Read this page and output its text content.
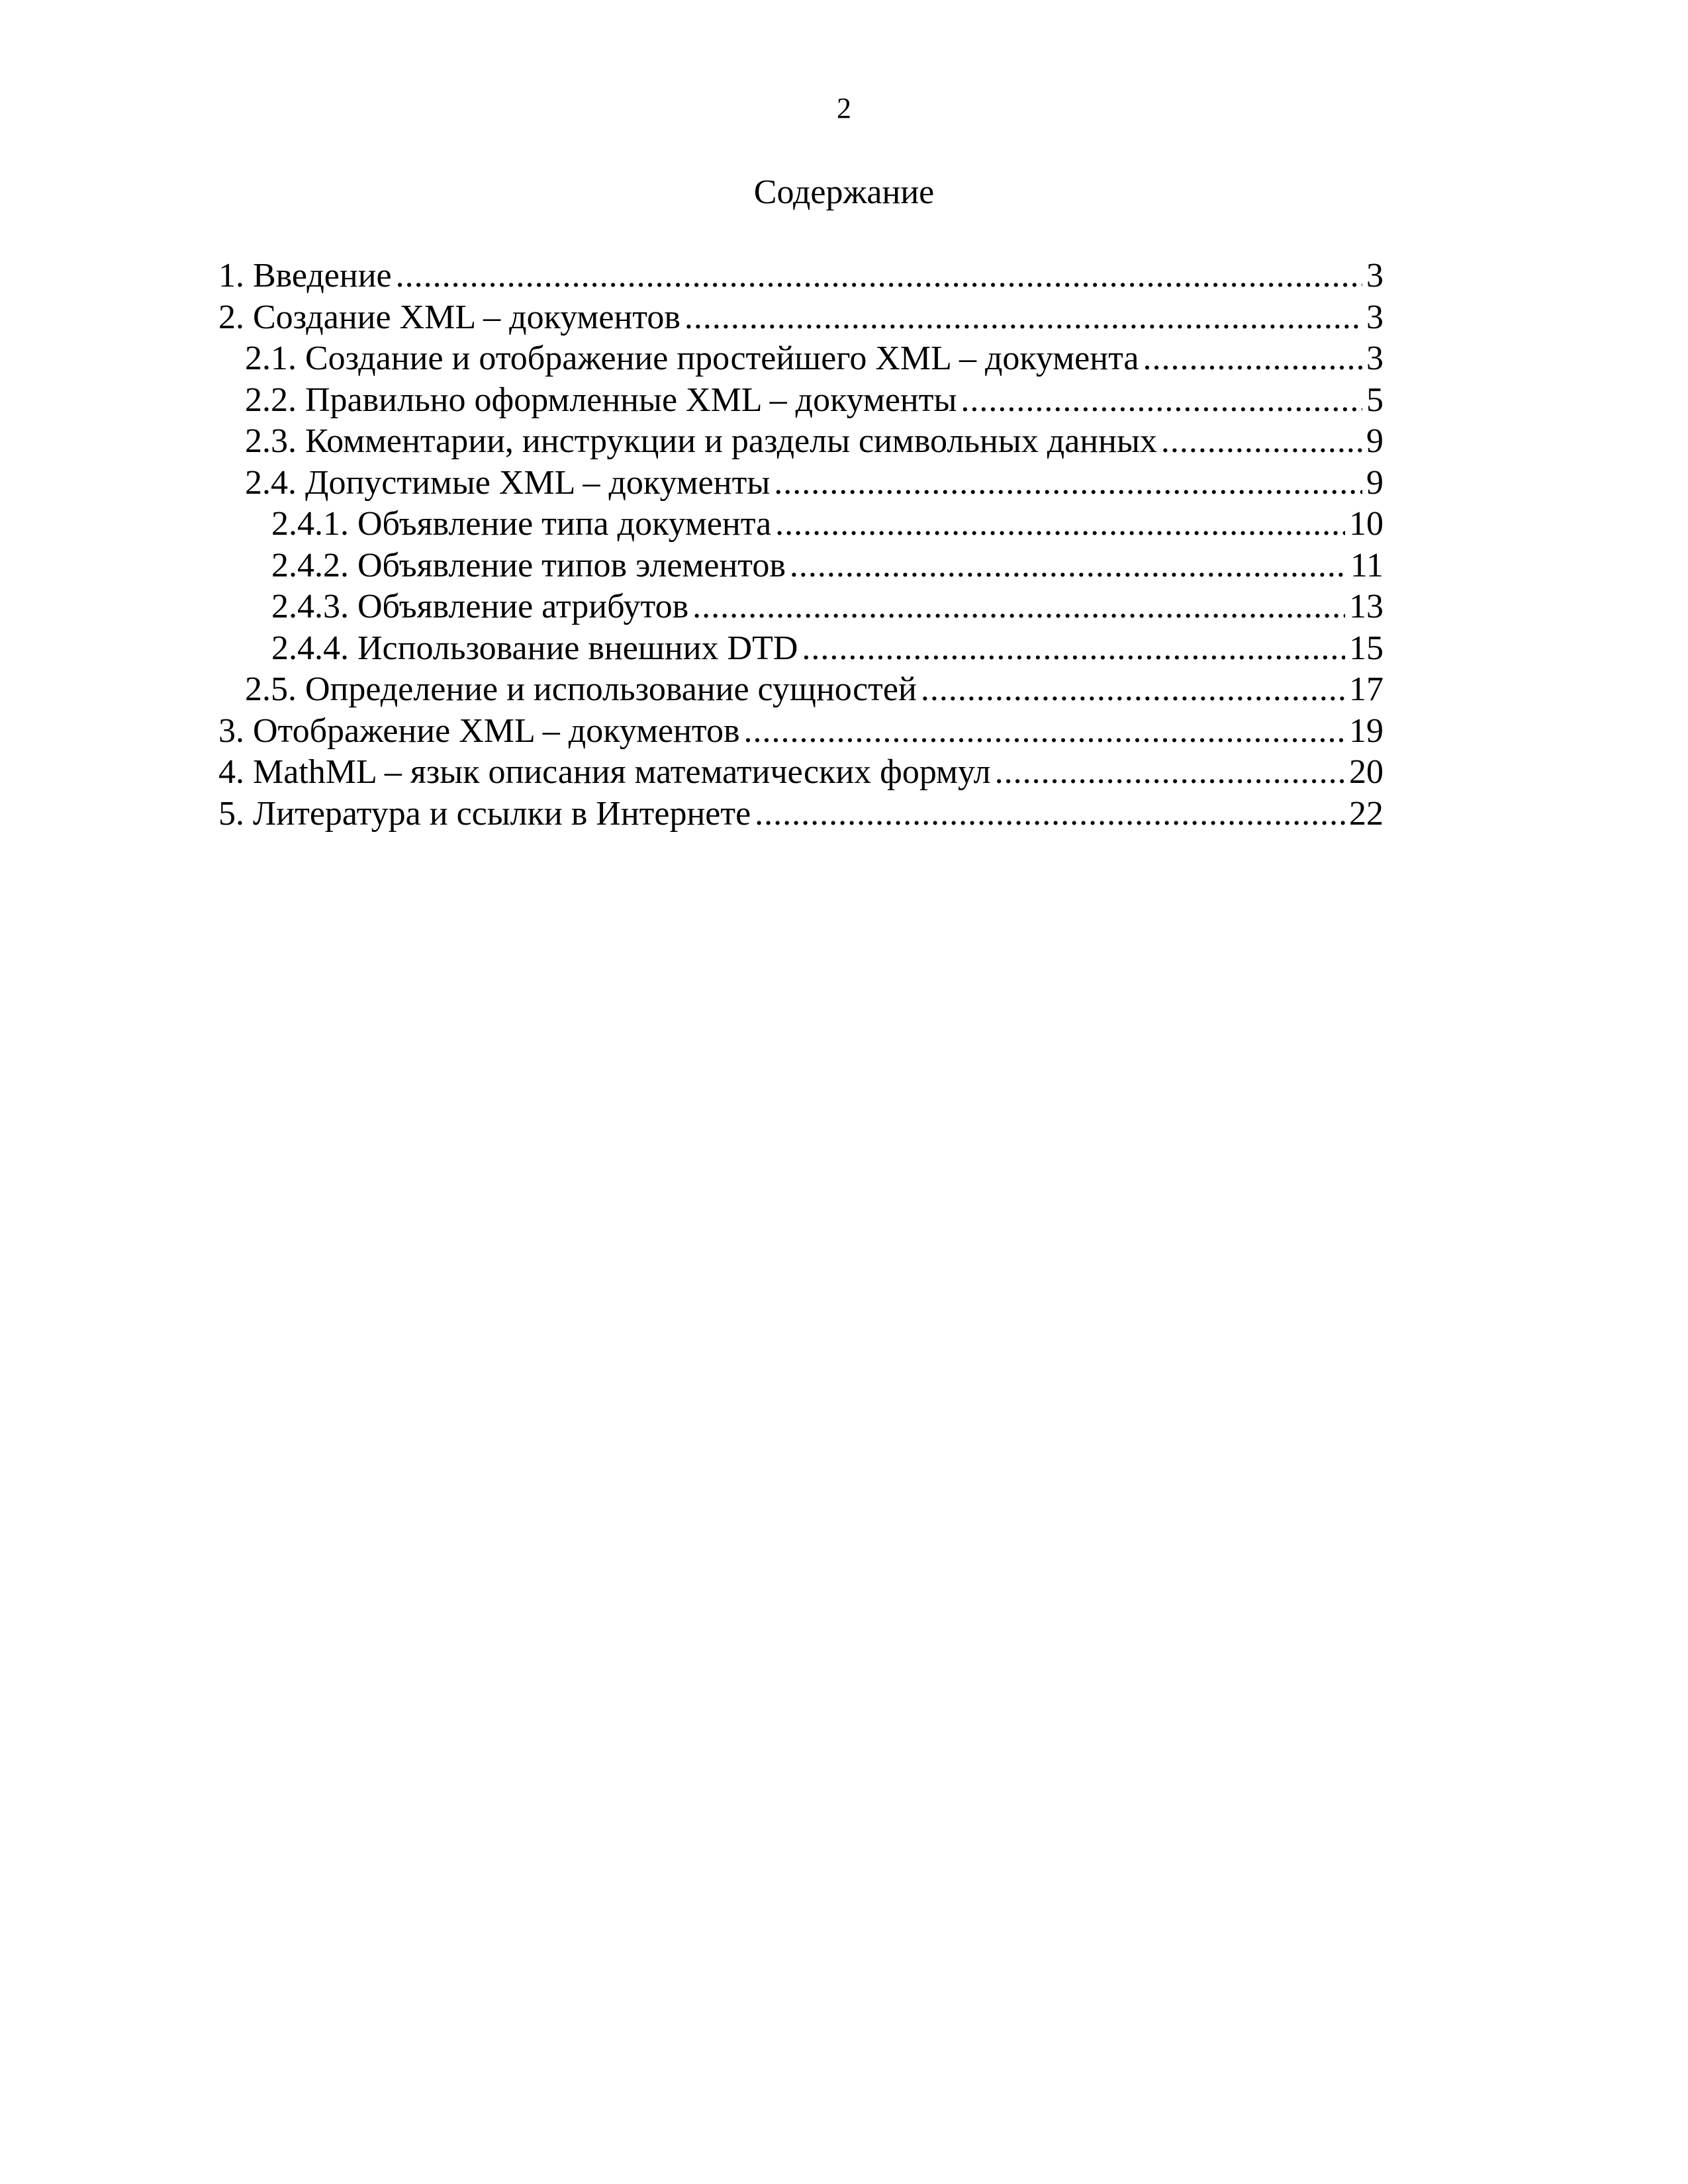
2
Содержание
1. Введение . . .	3
2. Создание XML – документов . . .	3
2.1. Создание и отображение простейшего XML – документа . . .	3
2.2. Правильно оформленные XML – документы . . .	5
2.3. Комментарии, инструкции и разделы символьных данных . . .	9
2.4. Допустимые XML – документы . . .	9
2.4.1. Объявление типа документа . . .	10
2.4.2. Объявление типов элементов . . .	11
2.4.3. Объявление атрибутов . . .	13
2.4.4. Использование внешних DTD . . .	15
2.5. Определение и использование сущностей . . .	17
3. Отображение XML – документов . . .	19
4. MathML – язык описания математических формул . . .	20
5. Литература и ссылки в Интернете . . .	22
